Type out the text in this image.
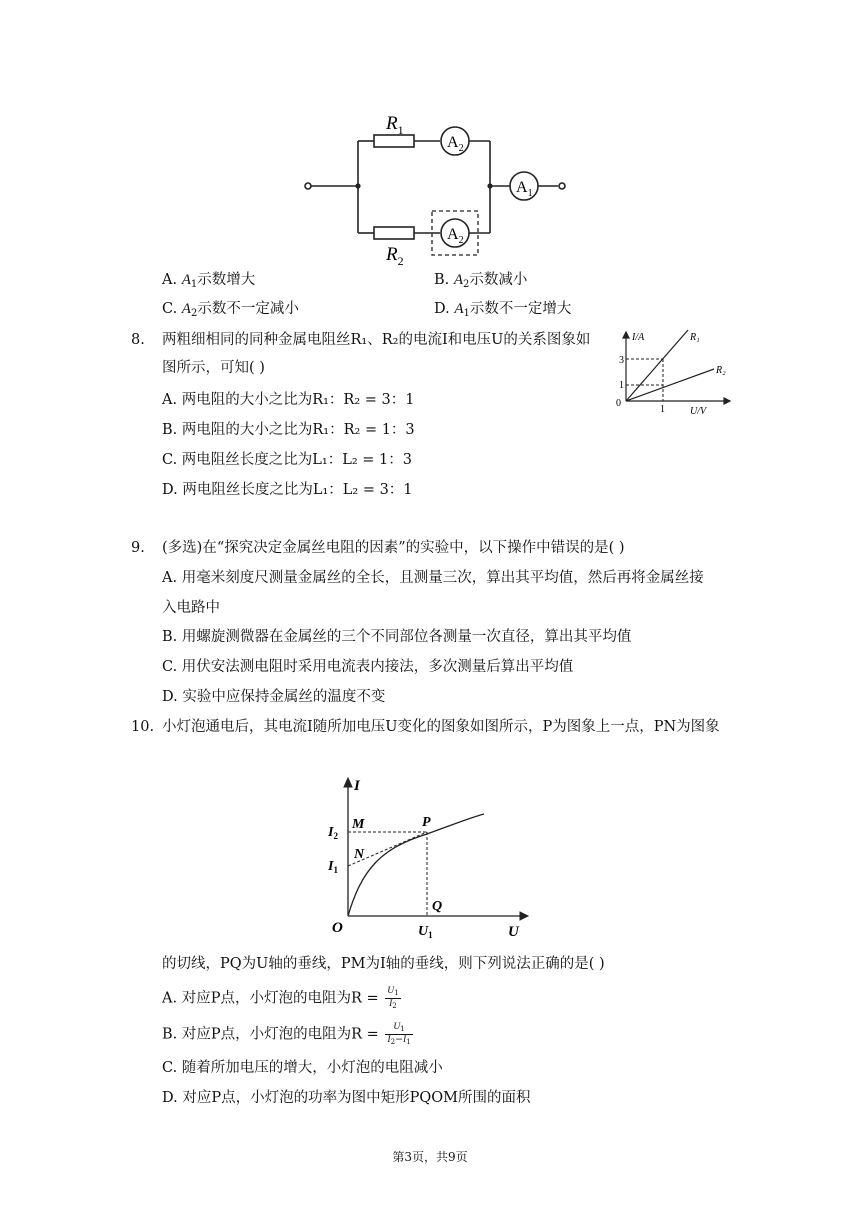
$R_1$
$R_2$
$A_2$
$A_2$
$A_1$
A. $A_1$示数增大	B. $A_2$示数减小
C. $A_2$示数不一定减小	D. $A_1$示数不一定增大
8. 两粗细相同的同种金属电阻丝R₁、R₂的电流I和电压U的关系图象如
图所示，可知( )
A. 两电阻的大小之比为R₁：R₂ = 3：1
B. 两电阻的大小之比为R₁：R₂ = 1：3
C. 两电阻丝长度之比为L₁：L₂ = 1：3
D. 两电阻丝长度之比为L₁：L₂ = 3：1
I/A
U/V
0
3
1
1
R₁
R₂
9. (多选)在“探究决定金属丝电阻的因素”的实验中，以下操作中错误的是( )
A. 用毫米刻度尺测量金属丝的全长，且测量三次，算出其平均值，然后再将金属丝接
入电路中
B. 用螺旋测微器在金属丝的三个不同部位各测量一次直径，算出其平均值
C. 用伏安法测电阻时采用电流表内接法，多次测量后算出平均值
D. 实验中应保持金属丝的温度不变
10. 小灯泡通电后，其电流I随所加电压U变化的图象如图所示，P为图象上一点，PN为图象
I
U
O
$I_2$
$I_1$
$U_1$
M
N
P
Q
的切线，PQ为U轴的垂线，PM为I轴的垂线，则下列说法正确的是( )
A. 对应P点，小灯泡的电阻为$R = \frac{U_1}{I_2}$
B. 对应P点，小灯泡的电阻为$R = \frac{U_1}{I_2-I_1}$
C. 随着所加电压的增大，小灯泡的电阻减小
D. 对应P点，小灯泡的功率为图中矩形PQOM所围的面积
第3页，共9页
